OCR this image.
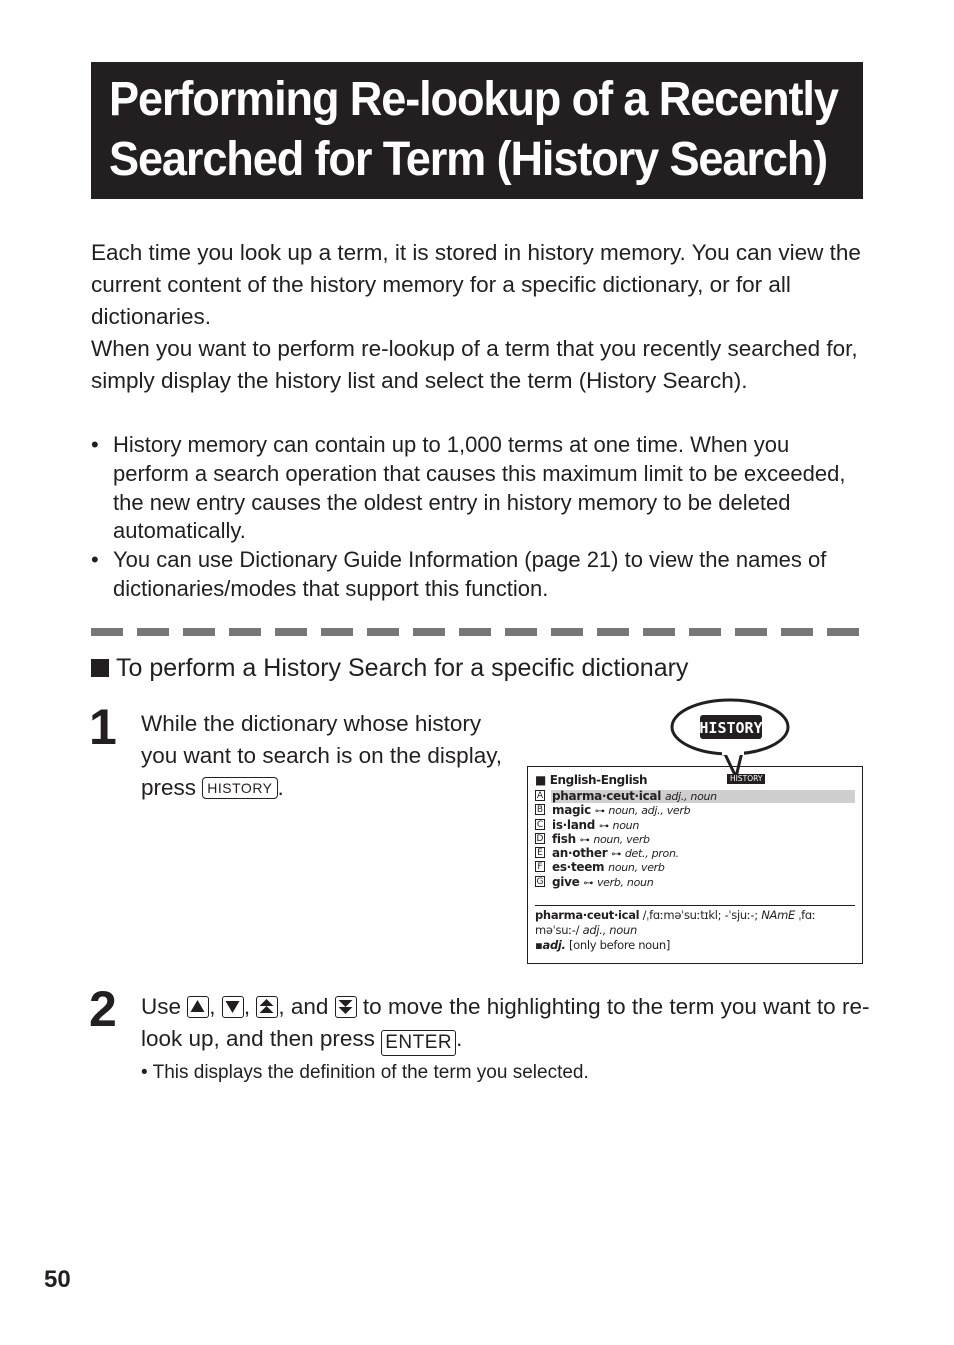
Performing Re-lookup of a Recently
Searched for Term (History Search)

Each time you look up a term, it is stored in history memory. You can view the current content of the history memory for a specific dictionary, or for all dictionaries.

When you want to perform re-lookup of a term that you recently searched for, simply display the history list and select the term (History Search).

• History memory can contain up to 1,000 terms at one time. When you perform a search operation that causes this maximum limit to be exceeded, the new entry causes the oldest entry in history memory to be deleted automatically.
• You can use Dictionary Guide Information (page 21) to view the names of dictionaries/modes that support this function.
To perform a History Search for a specific dictionary
1 While the dictionary whose history you want to search is on the display, press HISTORY .
HISTORY
■ English-English	HISTORY
A pharma·ceut·ical adj., noun
B magic ⊶ noun, adj., verb
C is·land ⊶ noun
D fish ⊶ noun, verb
E an·other ⊶ det., pron.
F es·teem noun, verb
G give ⊶ verb, noun
pharma·ceut·ical /ˌfɑːməˈsuːtɪkl; -ˈsjuː-; NAmE ˌfɑː
məˈsuː-/ adj., noun
▪adj. [only before noun]
2 Use , , , and to move the highlighting to the term you want to re-look up, and then press ENTER .
• This displays the definition of the term you selected.
50
